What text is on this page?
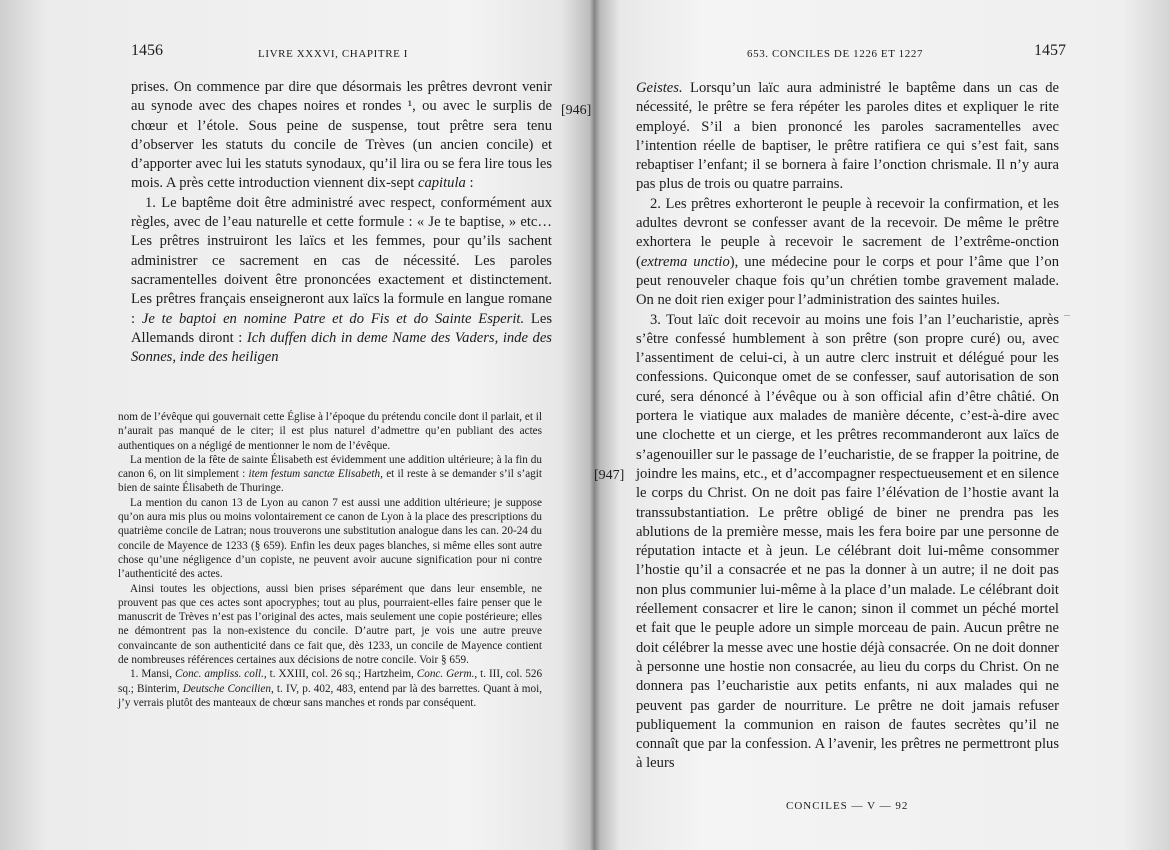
1456	LIVRE XXXVI, CHAPITRE I

prises. On commence par dire que désormais les prêtres devront venir au synode avec des chapes noires et rondes ¹, ou avec le surplis de chœur et l’étole. Sous peine de suspense, tout prêtre sera tenu d’observer les statuts du concile de Trèves (un ancien concile) et d’apporter avec lui les statuts synodaux, qu’il lira ou se fera lire tous les mois. A près cette introduction viennent dix-sept capitula :

1. Le baptême doit être administré avec respect, conformément aux règles, avec de l’eau naturelle et cette formule : « Je te baptise, » etc… Les prêtres instruiront les laïcs et les femmes, pour qu’ils sachent administrer ce sacrement en cas de nécessité. Les paroles sacramentelles doivent être prononcées exactement et distinctement. Les prêtres français enseigneront aux laïcs la formule en langue romane : Je te baptoi en nomine Patre et do Fis et do Sainte Esperit. Les Allemands diront : Ich duffen dich in deme Name des Vaders, inde des Sonnes, inde des heiligen

[946]

nom de l’évêque qui gouvernait cette Église à l’époque du prétendu concile dont il parlait, et il n’aurait pas manqué de le citer; il est plus naturel d’admettre qu’en publiant des actes authentiques on a négligé de mentionner le nom de l’évêque.

La mention de la fête de sainte Élisabeth est évidemment une addition ultérieure; à la fin du canon 6, on lit simplement : item festum sanctæ Elisabeth, et il reste à se demander s’il s’agit bien de sainte Élisabeth de Thuringe.

La mention du canon 13 de Lyon au canon 7 est aussi une addition ultérieure; je suppose qu’on aura mis plus ou moins volontairement ce canon de Lyon à la place des prescriptions du quatrième concile de Latran; nous trouverons une substitution analogue dans les can. 20-24 du concile de Mayence de 1233 (§ 659). Enfin les deux pages blanches, si même elles sont autre chose qu’une négligence d’un copiste, ne peuvent avoir aucune signification pour ni contre l’authenticité des actes.

Ainsi toutes les objections, aussi bien prises séparément que dans leur ensemble, ne prouvent pas que ces actes sont apocryphes; tout au plus, pourraient-elles faire penser que le manuscrit de Trèves n’est pas l’original des actes, mais seulement une copie postérieure; elles ne démontrent pas la non-existence du concile. D’autre part, je vois une autre preuve convaincante de son authenticité dans ce fait que, dès 1233, un concile de Mayence contient de nombreuses références certaines aux décisions de notre concile. Voir § 659.

1. Mansi, Conc. ampliss. coll., t. XXIII, col. 26 sq.; Hartzheim, Conc. Germ., t. III, col. 526 sq.; Binterim, Deutsche Concilien, t. IV, p. 402, 483, entend par là des barrettes. Quant à moi, j’y verrais plutôt des manteaux de chœur sans manches et ronds par conséquent.

653. CONCILES DE 1226 ET 1227	1457

Geistes. Lorsqu’un laïc aura administré le baptême dans un cas de nécessité, le prêtre se fera répéter les paroles dites et expliquer le rite employé. S’il a bien prononcé les paroles sacramentelles avec l’intention réelle de baptiser, le prêtre ratifiera ce qui s’est fait, sans rebaptiser l’enfant; il se bornera à faire l’onction chrismale. Il n’y aura pas plus de trois ou quatre parrains.

2. Les prêtres exhorteront le peuple à recevoir la confirmation, et les adultes devront se confesser avant de la recevoir. De même le prêtre exhortera le peuple à recevoir le sacrement de l’extrême-onction (extrema unctio), une médecine pour le corps et pour l’âme que l’on peut renouveler chaque fois qu’un chrétien tombe gravement malade. On ne doit rien exiger pour l’administration des saintes huiles.

3. Tout laïc doit recevoir au moins une fois l’an l’eucharistie, après s’être confessé humblement à son prêtre (son propre curé) ou, avec l’assentiment de celui-ci, à un autre clerc instruit et délégué pour les confessions. Quiconque omet de se confesser, sauf autorisation de son curé, sera dénoncé à l’évêque ou à son official afin d’être châtié. On portera le viatique aux malades de manière décente, c’est-à-dire avec une clochette et un cierge, et les prêtres recommanderont aux laïcs de s’agenouiller sur le passage de l’eucharistie, de se frapper la poitrine, de joindre les mains, etc., et d’accompagner respectueusement et en silence le corps du Christ. On ne doit pas faire l’élévation de l’hostie avant la transsubstantiation. Le prêtre obligé de biner ne prendra pas les ablutions de la première messe, mais les fera boire par une personne de réputation intacte et à jeun. Le célébrant doit lui-même consommer l’hostie qu’il a consacrée et ne pas la donner à un autre; il ne doit pas non plus communier lui-même à la place d’un malade. Le célébrant doit réellement consacrer et lire le canon; sinon il commet un péché mortel et fait que le peuple adore un simple morceau de pain. Aucun prêtre ne doit célébrer la messe avec une hostie déjà consacrée. On ne doit donner à personne une hostie non consacrée, au lieu du corps du Christ. On ne donnera pas l’eucharistie aux petits enfants, ni aux malades qui ne peuvent pas garder de nourriture. Le prêtre ne doit jamais refuser publiquement la communion en raison de fautes secrètes qu’il ne connaît que par la confession. A l’avenir, les prêtres ne permettront plus à leurs

[947]
–
CONCILES — V — 92
